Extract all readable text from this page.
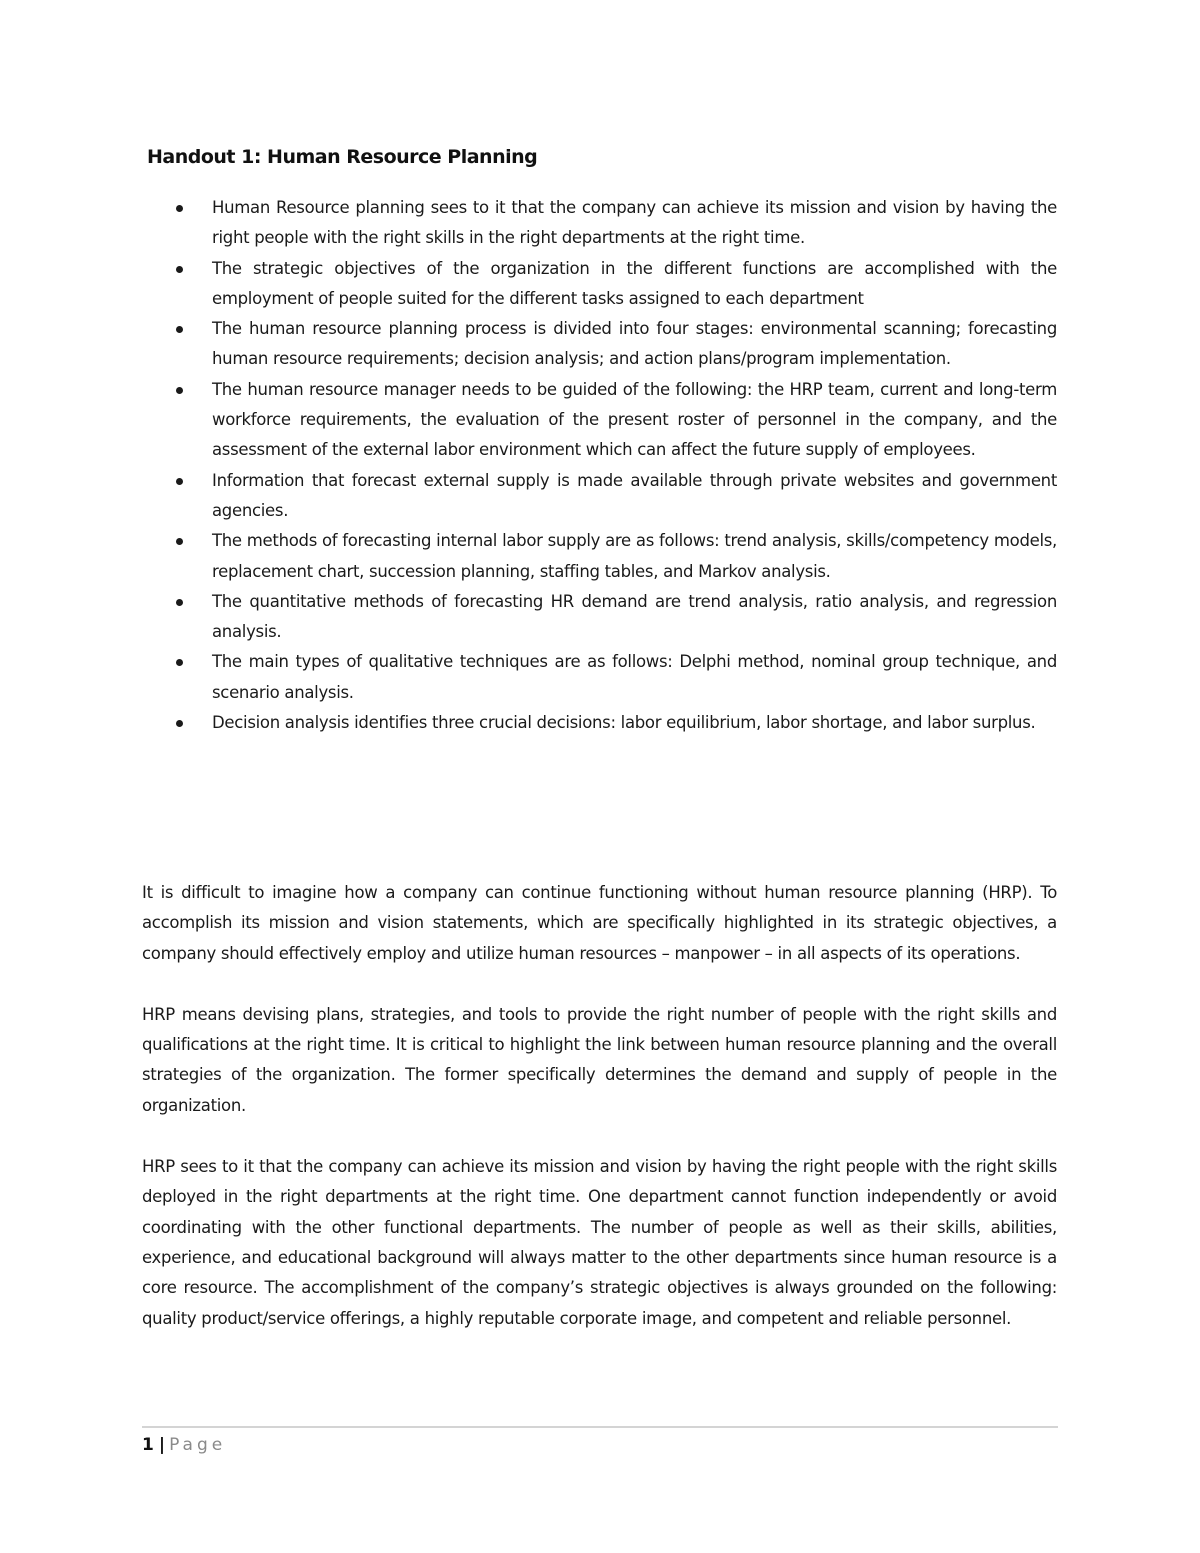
Handout 1: Human Resource Planning
Human Resource planning sees to it that the company can achieve its mission and vision by having the right people with the right skills in the right departments at the right time.
The strategic objectives of the organization in the different functions are accomplished with the employment of people suited for the different tasks assigned to each department
The human resource planning process is divided into four stages: environmental scanning; forecasting human resource requirements; decision analysis; and action plans/program implementation.
The human resource manager needs to be guided of the following: the HRP team, current and long-term workforce requirements, the evaluation of the present roster of personnel in the company, and the assessment of the external labor environment which can affect the future supply of employees.
Information that forecast external supply is made available through private websites and government agencies.
The methods of forecasting internal labor supply are as follows: trend analysis, skills/competency models, replacement chart, succession planning, staffing tables, and Markov analysis.
The quantitative methods of forecasting HR demand are trend analysis, ratio analysis, and regression analysis.
The main types of qualitative techniques are as follows: Delphi method, nominal group technique, and scenario analysis.
Decision analysis identifies three crucial decisions: labor equilibrium, labor shortage, and labor surplus.

It is difficult to imagine how a company can continue functioning without human resource planning (HRP). To accomplish its mission and vision statements, which are specifically highlighted in its strategic objectives, a company should effectively employ and utilize human resources – manpower – in all aspects of its operations.

HRP means devising plans, strategies, and tools to provide the right number of people with the right skills and qualifications at the right time. It is critical to highlight the link between human resource planning and the overall strategies of the organization. The former specifically determines the demand and supply of people in the organization.

HRP sees to it that the company can achieve its mission and vision by having the right people with the right skills deployed in the right departments at the right time. One department cannot function independently or avoid coordinating with the other functional departments. The number of people as well as their skills, abilities, experience, and educational background will always matter to the other departments since human resource is a core resource. The accomplishment of the company’s strategic objectives is always grounded on the following: quality product/service offerings, a highly reputable corporate image, and competent and reliable personnel.

1 | Page
